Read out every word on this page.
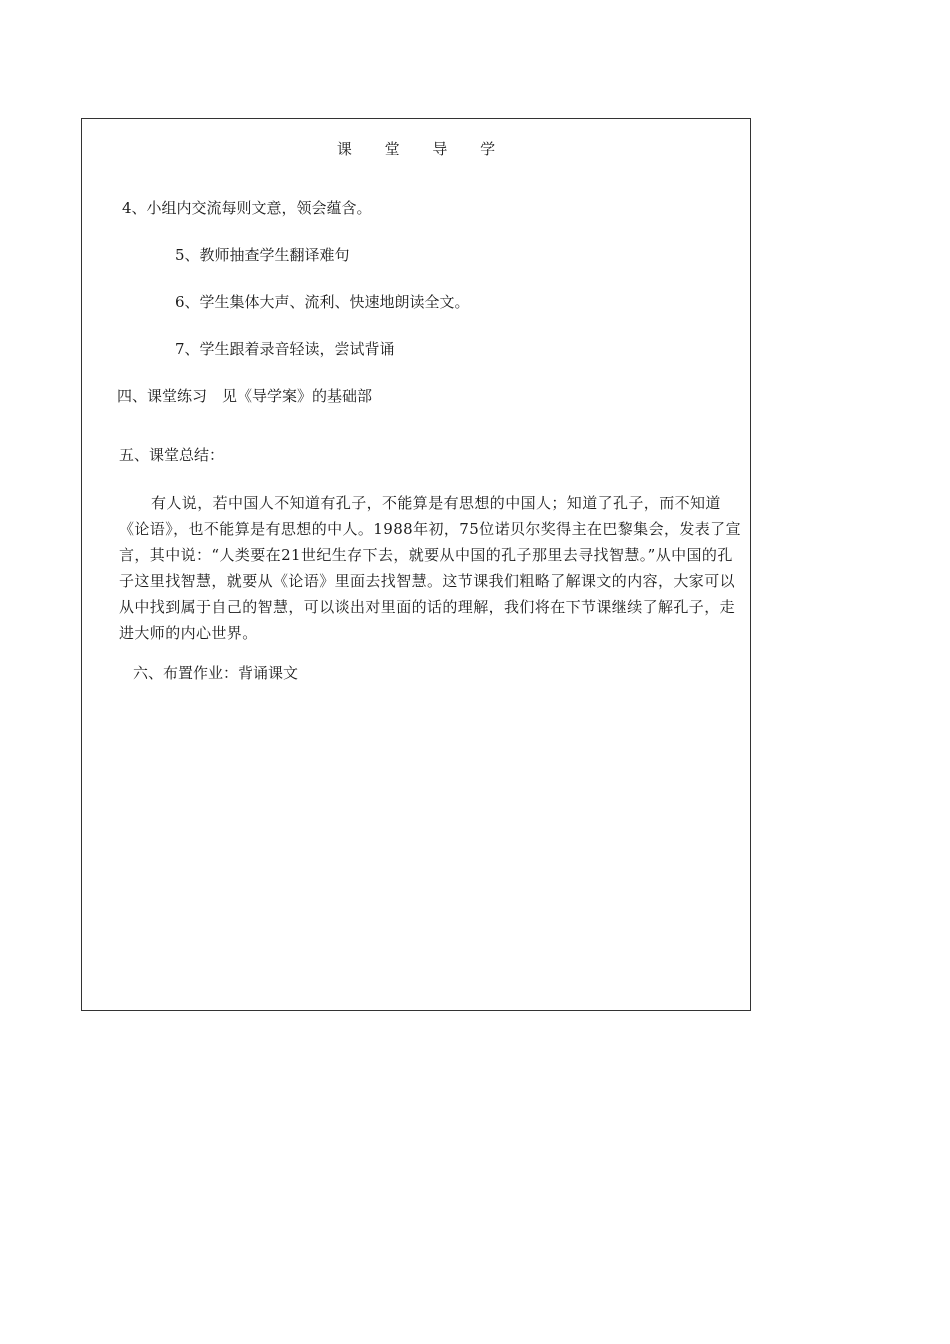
课 堂 导 学
4、小组内交流每则文意，领会蕴含。
5、教师抽查学生翻译难句
6、学生集体大声、流利、快速地朗读全文。
7、学生跟着录音轻读，尝试背诵
四、课堂练习　见《导学案》的基础部
五、课堂总结：
有人说，若中国人不知道有孔子，不能算是有思想的中国人；知道了孔子，而不知道《论语》，也不能算是有思想的中人。1988年初，75位诺贝尔奖得主在巴黎集会，发表了宣言，其中说：“人类要在21世纪生存下去，就要从中国的孔子那里去寻找智慧。”从中国的孔子这里找智慧，就要从《论语》里面去找智慧。这节课我们粗略了解课文的内容，大家可以从中找到属于自己的智慧，可以谈出对里面的话的理解，我们将在下节课继续了解孔子，走进大师的内心世界。
六、布置作业：背诵课文
